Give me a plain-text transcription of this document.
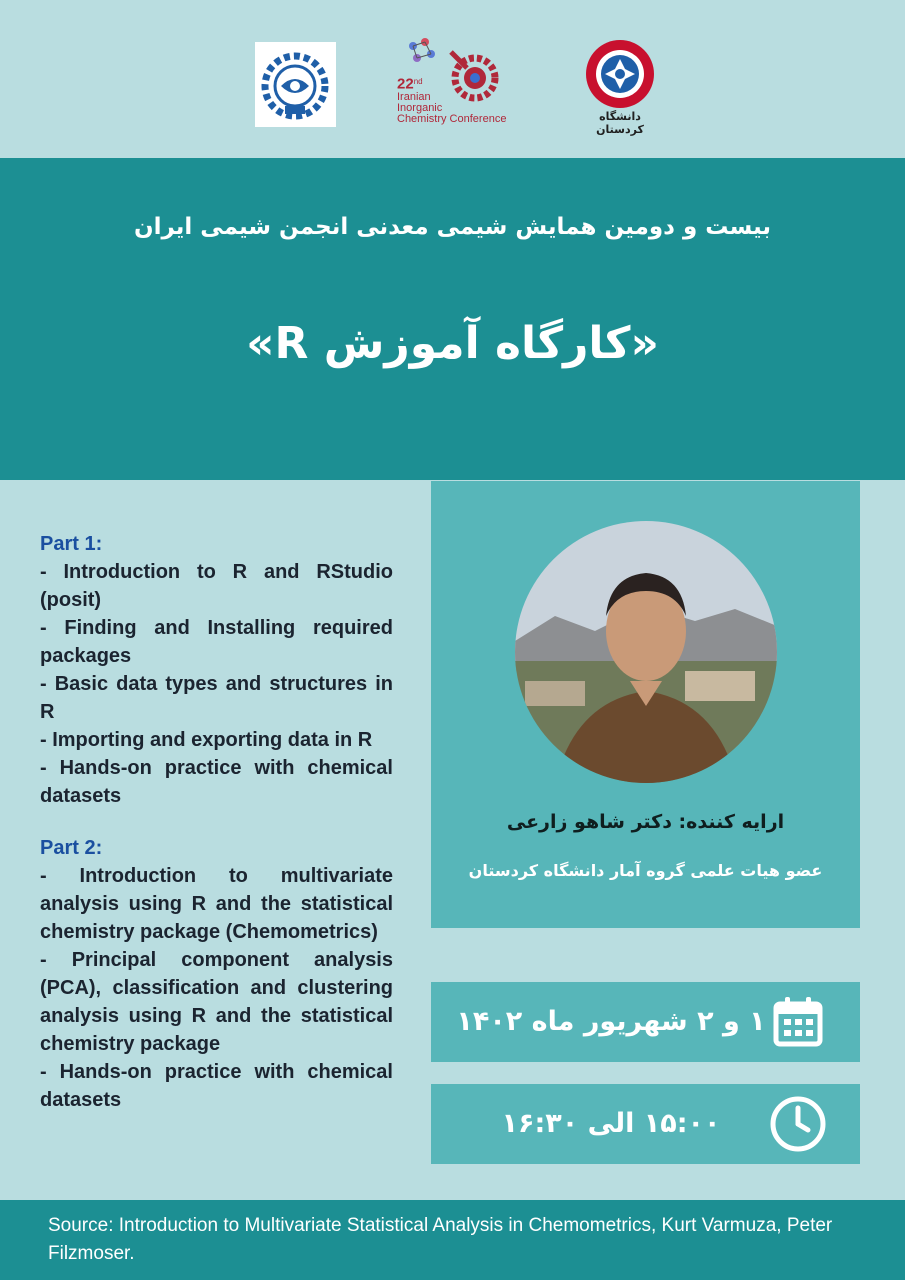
22nd
Iranian
Inorganic
Chemistry Conference	دانشگاه کردستان
بیست و دومین همایش شیمی معدنی انجمن شیمی ایران
«کارگاه آموزش R»
Part 1:
- Introduction to R and RStudio (posit)
- Finding and Installing required packages
- Basic data types and structures in R
- Importing and exporting data in R
- Hands-on practice with chemical datasets
Part 2:
- Introduction to multivariate analysis using R and the statistical chemistry package (Chemometrics)
- Principal component analysis (PCA), classification and clustering analysis using R and the statistical chemistry package
- Hands-on practice with chemical datasets
ارایه کننده: دکتر شاهو زارعی
عضو هیات علمی گروه آمار دانشگاه کردستان
۱ و ۲ شهریور ماه ۱۴۰۲
۱۵:۰۰ الی ۱۶:۳۰
Source: Introduction to Multivariate Statistical Analysis in Chemometrics, Kurt Varmuza, Peter Filzmoser.
